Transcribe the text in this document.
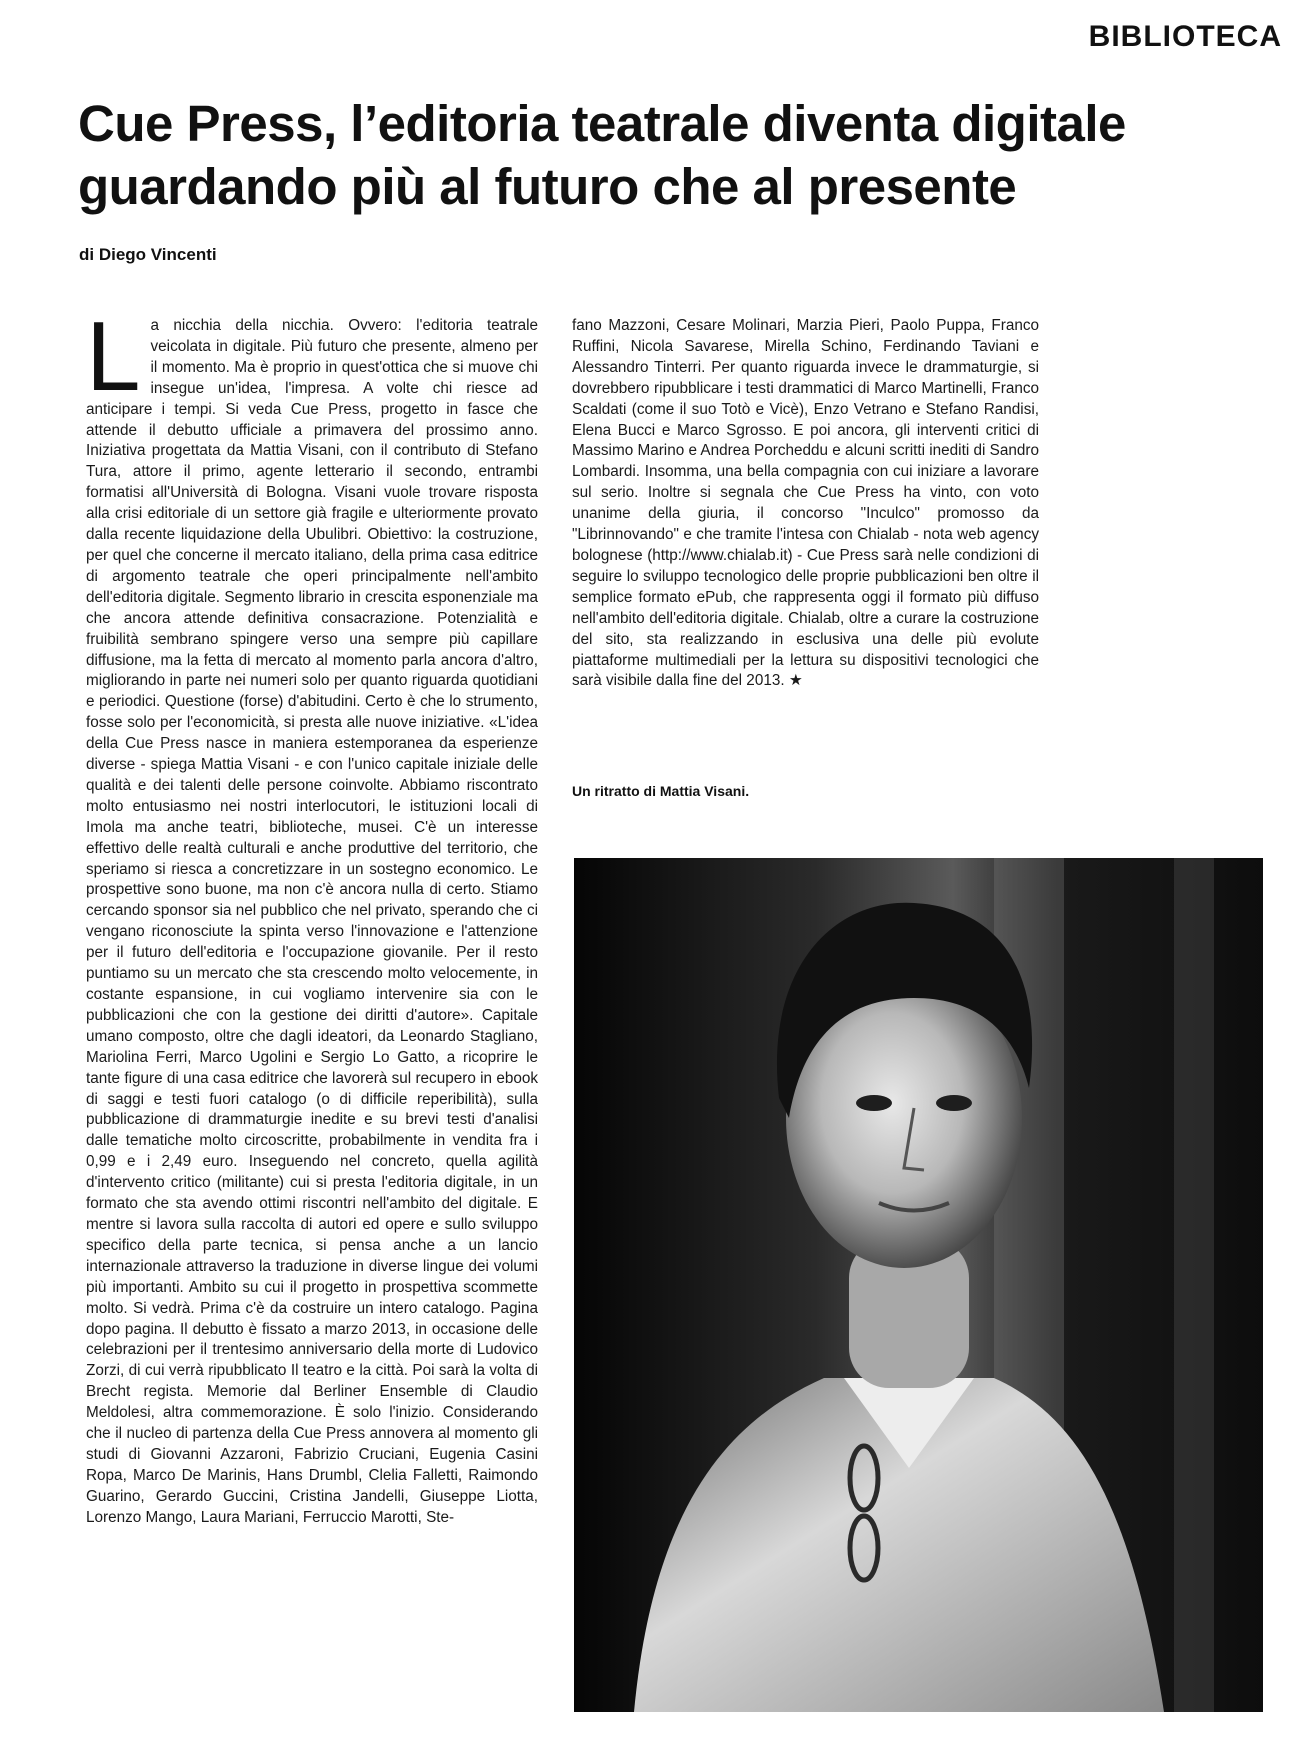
BIBLIOTECA
Cue Press, l’editoria teatrale diventa digitale
guardando più al futuro che al presente
di Diego Vincenti
L a nicchia della nicchia. Ovvero: l'editoria teatrale veicolata in digitale. Più futuro che presente, almeno per il momento. Ma è proprio in quest'ottica che si muove chi insegue un'idea, l'impresa. A volte chi riesce ad anticipare i tempi. Si veda Cue Press, progetto in fasce che attende il debutto ufficiale a primavera del prossimo anno. Iniziativa progettata da Mattia Visani, con il contributo di Stefano Tura, attore il primo, agente letterario il secondo, entrambi formatisi all'Università di Bologna. Visani vuole trovare risposta alla crisi editoriale di un settore già fragile e ulteriormente provato dalla recente liquidazione della Ubulibri. Obiettivo: la costruzione, per quel che concerne il mercato italiano, della prima casa editrice di argomento teatrale che operi principalmente nell'ambito dell'editoria digitale. Segmento librario in crescita esponenziale ma che ancora attende definitiva consacrazione. Potenzialità e fruibilità sembrano spingere verso una sempre più capillare diffusione, ma la fetta di mercato al momento parla ancora d'altro, migliorando in parte nei numeri solo per quanto riguarda quotidiani e periodici. Questione (forse) d'abitudini. Certo è che lo strumento, fosse solo per l'economicità, si presta alle nuove iniziative. «L'idea della Cue Press nasce in maniera estemporanea da esperienze diverse - spiega Mattia Visani - e con l'unico capitale iniziale delle qualità e dei talenti delle persone coinvolte. Abbiamo riscontrato molto entusiasmo nei nostri interlocutori, le istituzioni locali di Imola ma anche teatri, biblioteche, musei. C'è un interesse effettivo delle realtà culturali e anche produttive del territorio, che speriamo si riesca a concretizzare in un sostegno economico. Le prospettive sono buone, ma non c'è ancora nulla di certo. Stiamo cercando sponsor sia nel pubblico che nel privato, sperando che ci vengano riconosciute la spinta verso l'innovazione e l'attenzione per il futuro dell'editoria e l'occupazione giovanile. Per il resto puntiamo su un mercato che sta crescendo molto velocemente, in costante espansione, in cui vogliamo intervenire sia con le pubblicazioni che con la gestione dei diritti d'autore». Capitale umano composto, oltre che dagli ideatori, da Leonardo Stagliano, Mariolina Ferri, Marco Ugolini e Sergio Lo Gatto, a ricoprire le tante figure di una casa editrice che lavorerà sul recupero in ebook di saggi e testi fuori catalogo (o di difficile reperibilità), sulla pubblicazione di drammaturgie inedite e su brevi testi d'analisi dalle tematiche molto circoscritte, probabilmente in vendita fra i 0,99 e i 2,49 euro. Inseguendo nel concreto, quella agilità d'intervento critico (militante) cui si presta l'editoria digitale, in un formato che sta avendo ottimi riscontri nell'ambito del digitale. E mentre si lavora sulla raccolta di autori ed opere e sullo sviluppo specifico della parte tecnica, si pensa anche a un lancio internazionale attraverso la traduzione in diverse lingue dei volumi più importanti. Ambito su cui il progetto in prospettiva scommette molto. Si vedrà. Prima c'è da costruire un intero catalogo. Pagina dopo pagina. Il debutto è fissato a marzo 2013, in occasione delle celebrazioni per il trentesimo anniversario della morte di Ludovico Zorzi, di cui verrà ripubblicato Il teatro e la città. Poi sarà la volta di Brecht regista. Memorie dal Berliner Ensemble di Claudio Meldolesi, altra commemorazione. È solo l'inizio. Considerando che il nucleo di partenza della Cue Press annovera al momento gli studi di Giovanni Azzaroni, Fabrizio Cruciani, Eugenia Casini Ropa, Marco De Marinis, Hans Drumbl, Clelia Falletti, Raimondo Guarino, Gerardo Guccini, Cristina Jandelli, Giuseppe Liotta, Lorenzo Mango, Laura Mariani, Ferruccio Marotti, Ste-

fano Mazzoni, Cesare Molinari, Marzia Pieri, Paolo Puppa, Franco Ruffini, Nicola Savarese, Mirella Schino, Ferdinando Taviani e Alessandro Tinterri. Per quanto riguarda invece le drammaturgie, si dovrebbero ripubblicare i testi drammatici di Marco Martinelli, Franco Scaldati (come il suo Totò e Vicè), Enzo Vetrano e Stefano Randisi, Elena Bucci e Marco Sgrosso. E poi ancora, gli interventi critici di Massimo Marino e Andrea Porcheddu e alcuni scritti inediti di Sandro Lombardi. Insomma, una bella compagnia con cui iniziare a lavorare sul serio. Inoltre si segnala che Cue Press ha vinto, con voto unanime della giuria, il concorso "Inculco" promosso da "Librinnovando" e che tramite l'intesa con Chialab - nota web agency bolognese (http://www.chialab.it) - Cue Press sarà nelle condizioni di seguire lo sviluppo tecnologico delle proprie pubblicazioni ben oltre il semplice formato ePub, che rappresenta oggi il formato più diffuso nell'ambito dell'editoria digitale. Chialab, oltre a curare la costruzione del sito, sta realizzando in esclusiva una delle più evolute piattaforme multimediali per la lettura su dispositivi tecnologici che sarà visibile dalla fine del 2013. ★

Un ritratto di Mattia Visani.
